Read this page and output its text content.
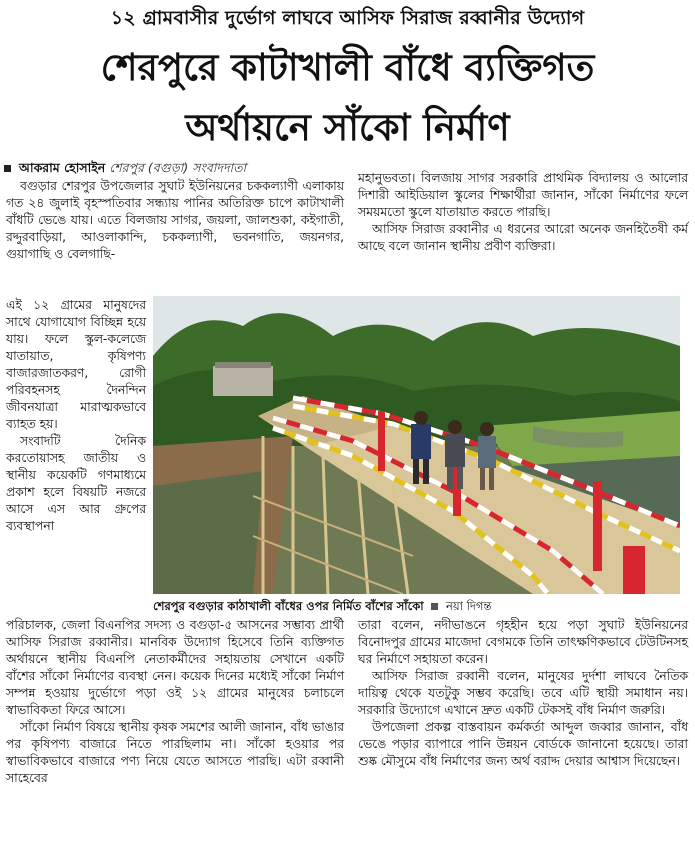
১২ গ্রামবাসীর দুর্ভোগ লাঘবে আসিফ সিরাজ রব্বানীর উদ্যোগ
শেরপুরে কাটাখালী বাঁধে ব্যক্তিগত
অর্থায়নে সাঁকো নির্মাণ
আকরাম হোসাইন শেরপুর (বগুড়া) সংবাদদাতা

বগুড়ার শেরপুর উপজেলার সুঘাট ইউনিয়নের চককল্যাণী এলাকায় গত ২৪ জুলাই বৃহস্পতিবার সন্ধ্যায় পানির অতিরিক্ত চাপে কাটাখালী বাঁধটি ভেঙে যায়। এতে বিলজায় সাগর, জয়লা, জালশুকা, কইগাতী, রদ্দুরবাড়িয়া, আওলাকান্দি, চককল্যাণী, ভবনগাতি, জয়নগর, গুয়াগাছি ও বেলগাছি-

এই ১২ গ্রামের মানুষদের সাথে যোগাযোগ বিচ্ছিন্ন হয়ে যায়। ফলে স্কুল-কলেজে যাতায়াত, কৃষিপণ্য বাজারজাতকরণ, রোগী পরিবহনসহ দৈনন্দিন জীবনযাত্রা মারাত্মকভাবে ব্যাহত হয়।

সংবাদটি দৈনিক করতোয়াসহ জাতীয় ও স্থানীয় কয়েকটি গণমাধ্যমে প্রকাশ হলে বিষয়টি নজরে আসে এস আর গ্রুপের ব্যবস্থাপনা

শেরপুর বগুড়ার কাঠাখালী বাঁধের ওপর নির্মিত বাঁশের সাঁকো নয়া দিগন্ত

পরিচালক, জেলা বিএনপির সদস্য ও বগুড়া-৫ আসনের সম্ভাব্য প্রার্থী আসিফ সিরাজ রব্বানীর। মানবিক উদ্যোগ হিসেবে তিনি ব্যক্তিগত অর্থায়নে স্থানীয় বিএনপি নেতাকর্মীদের সহায়তায় সেখানে একটি বাঁশের সাঁকো নির্মাণের ব্যবস্থা নেন। কয়েক দিনের মধ্যেই সাঁকো নির্মাণ সম্পন্ন হওয়ায় দুর্ভোগে পড়া ওই ১২ গ্রামের মানুষের চলাচলে স্বাভাবিকতা ফিরে আসে।

সাঁকো নির্মাণ বিষয়ে স্থানীয় কৃষক সমশের আলী জানান, বাঁধ ভাঙার পর কৃষিপণ্য বাজারে নিতে পারছিলাম না। সাঁকো হওয়ার পর স্বাভাবিকভাবে বাজারে পণ্য নিয়ে যেতে আসতে পারছি। এটা রব্বানী সাহেবের

মহানুভবতা। বিলজায় সাগর সরকারি প্রাথমিক বিদ্যালয় ও আলোর দিশারী আইডিয়াল স্কুলের শিক্ষার্থীরা জানান, সাঁকো নির্মাণের ফলে সময়মতো স্কুলে যাতায়াত করতে পারছি।

আসিফ সিরাজ রব্বানীর এ ধরনের আরো অনেক জনহিতৈষী কর্ম আছে বলে জানান স্থানীয় প্রবীণ ব্যক্তিরা।

তারা বলেন, নদীভাঙনে গৃহহীন হয়ে পড়া সুঘাট ইউনিয়নের বিনোদপুর গ্রামের মাজেদা বেগমকে তিনি তাৎক্ষণিকভাবে টেউটিনসহ ঘর নির্মাণে সহায়তা করেন।

আসিফ সিরাজ রব্বানী বলেন, মানুষের দুর্দশা লাঘবে নৈতিক দায়িত্ব থেকে যতটুকু সম্ভব করেছি। তবে এটি স্থায়ী সমাধান নয়। সরকারি উদ্যোগে এখানে দ্রুত একটি টেকসই বাঁধ নির্মাণ জরুরি।

উপজেলা প্রকল্প বাস্তবায়ন কর্মকর্তা আব্দুল জব্বার জানান, বাঁধ ভেঙে পড়ার ব্যাপারে পানি উন্নয়ন বোর্ডকে জানানো হয়েছে। তারা শুষ্ক মৌসুমে বাঁধ নির্মাণের জন্য অর্থ বরাদ্দ দেয়ার আশ্বাস দিয়েছেন।
